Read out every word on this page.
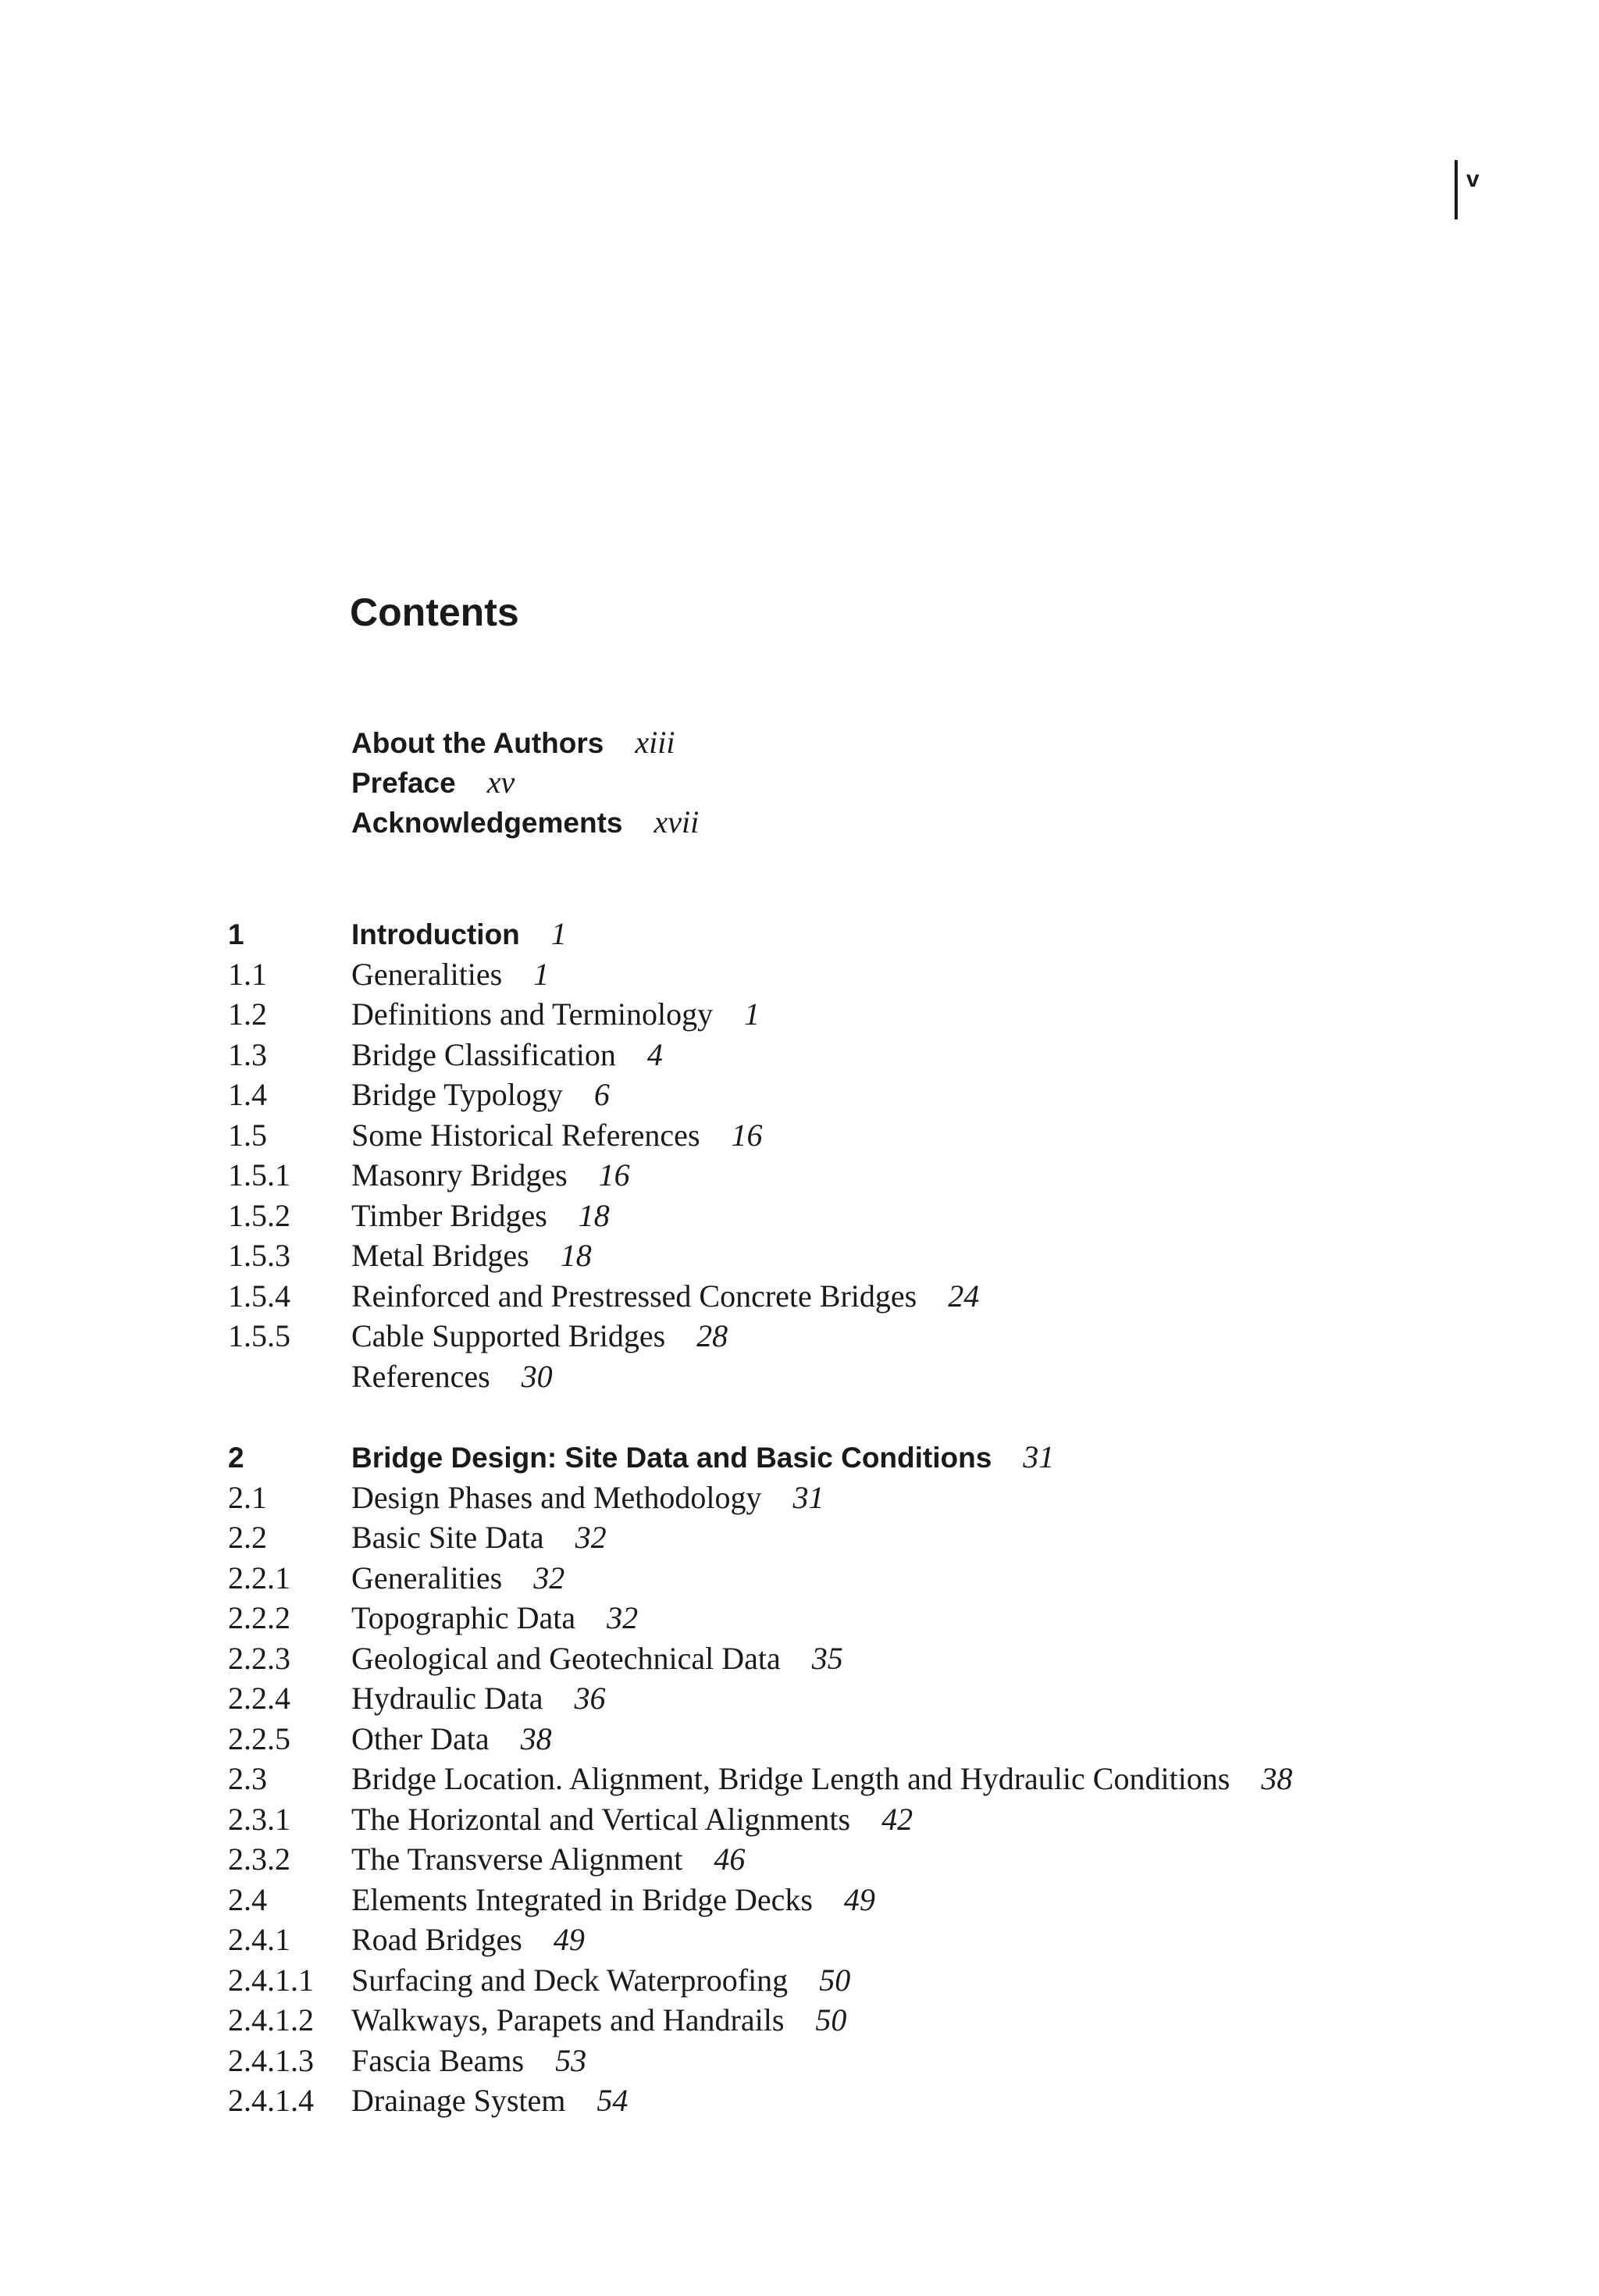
v
Contents
About the Authors xiii
Preface xv
Acknowledgements xvii
1	Introduction 1
1.1	Generalities 1
1.2	Definitions and Terminology 1
1.3	Bridge Classification 4
1.4	Bridge Typology 6
1.5	Some Historical References 16
1.5.1 Masonry Bridges 16
1.5.2 Timber Bridges 18
1.5.3 Metal Bridges 18
1.5.4 Reinforced and Prestressed Concrete Bridges 24
1.5.5 Cable Supported Bridges 28
References 30
2	Bridge Design: Site Data and Basic Conditions 31
2.1	Design Phases and Methodology 31
2.2	Basic Site Data 32
2.2.1 Generalities 32
2.2.2 Topographic Data 32
2.2.3 Geological and Geotechnical Data 35
2.2.4 Hydraulic Data 36
2.2.5 Other Data 38
2.3	Bridge Location. Alignment, Bridge Length and Hydraulic Conditions 38
2.3.1 The Horizontal and Vertical Alignments 42
2.3.2 The Transverse Alignment 46
2.4	Elements Integrated in Bridge Decks 49
2.4.1 Road Bridges 49
2.4.1.1 Surfacing and Deck Waterproofing 50
2.4.1.2 Walkways, Parapets and Handrails 50
2.4.1.3 Fascia Beams 53
2.4.1.4 Drainage System 54
